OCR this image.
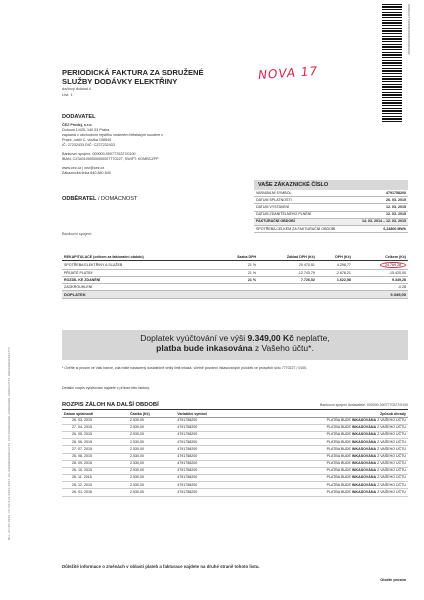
BAL-07/02/2015 15:58/CL2/0001/0047.03.0000000000044773 DIS/0000000000.000000000.0000044773 0000000000044773
0000044773000000000000000000
NOVA 17
PERIODICKÁ FAKTURA ZA SDRUŽENÉ
SLUŽBY DODÁVKY ELEKTŘINY
daňový doklad č.
List: 1
DODAVATEL

ČEZ Prodej, s.r.o.

Duhová 1/425, 140 53 Praha

zapsaná v obchodním rejstříku vedeném Městským soudem v

Praze, oddíl C, vložka 108549

IČ: 27232433 DIČ: CZ27232433

Bankovní spojení: 000000-0007770227/0100

IBAN: CZ3401000000000007770227, SWIFT: KOMBCZPP

www.cez.cz | cez@cez.cz

Zákaznická linka 840 840 840

ODBĚRATEL / DOMÁCNOST
Bankovní spojení:
VAŠE ZÁKAZNICKÉ ČÍSLO
VARIABILNÍ SYMBOL	4791758200
DATUM SPLATNOSTI	26. 03. 2015
DATUM VYSTAVENÍ	12. 03. 2015
DATUM ZDANITELNÉHO PLNĚNÍ	12. 03. 2015
FAKTURAČNÍ OBDOBÍ	14. 03. 2014 – 12. 03. 2015
SPOTŘEBA CELKEM ZA FAKTURAČNÍ OBDOBÍ	6,24800 MWh
REKAPITULACE (celkem za fakturační období)	Sazba DPH	Základ DPH (Kč)	DPH (Kč)	Celkem (Kč)
SPOTŘEBA ELEKTŘINY A SLUŽEB	21 %	20.470,51	4.298,77	24.769,28
PŘIJATÉ PLATBY	21 %	-12.743,79	-2.676,21	-15.420,00
ROZDÍL KE ZDANĚNÍ	21 %	7.726,52	1.622,58	9.349,28
ZAOKROUHLENÍ				-0,28
DOPLATEK				9.349,00
Doplatek vyúčtování ve výši 9.349,00 Kč neplaťte,
platba bude inkasována z Vašeho účtu*.
* Ověřte si prosím ve Vaší bance, zda máte nastavený dostatečně velký limit inkasa, včetně povolení inkasovaných položek ve prospěch účtu 7770227 / 0100.
Detailní rozpis vyúčtování najdete v příloze této faktury.
ROZPIS ZÁLOH NA DALŠÍ OBDOBÍ	Bankovní spojení dodavatele: 000000-0007770227/0100
Datum splatnosti	Částka (Kč)	Variabilní symbol	Způsob úhrady
26. 03. 2015	2.530,00	4791758200	PLATBA BUDE INKASOVÁNA Z VAŠEHO ÚČTU
27. 04. 2015	2.530,00	4791758200	PLATBA BUDE INKASOVÁNA Z VAŠEHO ÚČTU
26. 05. 2015	2.530,00	4791758200	PLATBA BUDE INKASOVÁNA Z VAŠEHO ÚČTU
26. 06. 2015	2.530,00	4791758200	PLATBA BUDE INKASOVÁNA Z VAŠEHO ÚČTU
27. 07. 2015	2.530,00	4791758200	PLATBA BUDE INKASOVÁNA Z VAŠEHO ÚČTU
26. 08. 2015	2.530,00	4791758200	PLATBA BUDE INKASOVÁNA Z VAŠEHO ÚČTU
28. 09. 2015	2.530,00	4791758200	PLATBA BUDE INKASOVÁNA Z VAŠEHO ÚČTU
26. 10. 2015	2.530,00	4791758200	PLATBA BUDE INKASOVÁNA Z VAŠEHO ÚČTU
26. 11. 2015	2.530,00	4791758200	PLATBA BUDE INKASOVÁNA Z VAŠEHO ÚČTU
28. 12. 2015	2.530,00	4791758200	PLATBA BUDE INKASOVÁNA Z VAŠEHO ÚČTU
26. 01. 2016	2.530,00	4791758200	PLATBA BUDE INKASOVÁNA Z VAŠEHO ÚČTU
Důležité informace o změnách v oblasti plateb a fakturace najdete na druhé straně tohoto listu.
Otočte prosím
